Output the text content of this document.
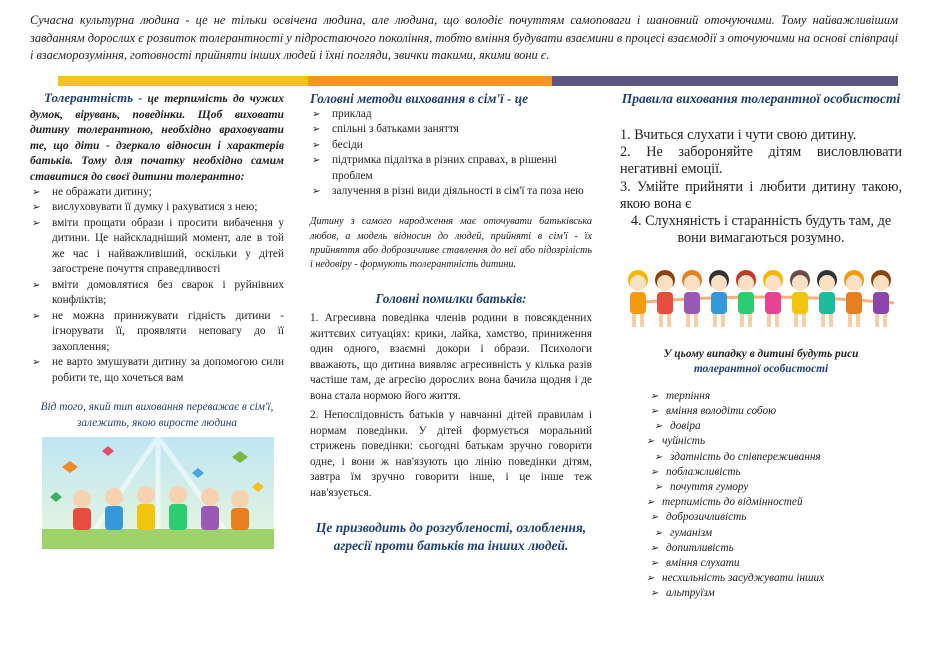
Сучасна культурна людина - це не тільки освічена людина, але людина, що володіє почуттям самоповаги і шановний оточуючими. Тому найважливішим завданням дорослих є розвиток толерантності у підростаючого покоління, тобто вміння будувати взаємини в процесі взаємодії з оточуючими на основі співпраці і взаєморозуміння, готовності прийняти інших людей і їхні погляди, звички такими, якими вони є.

Толерантність - це терпимість до чужих думок, вірувань, поведінки. Щоб виховати дитину толерантною, необхідно враховувати те, що діти - дзеркало відносин і характерів батьків. Тому для початку необхідно самим ставитися до своєї дитини толерантно:

➢ не ображати дитину;
➢ вислуховувати її думку і рахуватися з нею;
➢ вміти прощати образи і просити вибачення у дитини. Це найскладніший момент, але в той же час і найважливіший, оскільки у дітей загострене почуття справедливості
➢ вміти домовлятися без сварок і руйнівних конфліктів;
➢ не можна принижувати гідність дитини - ігнорувати її, проявляти неповагу до її захоплення;
➢ не варто змушувати дитину за допомогою сили робити те, що хочеться вам

Від того, який тип виховання переважає в сім'ї, залежить, якою виросте людина

Головні методи виховання в сім'ї - це

➢ приклад
➢ спільні з батьками заняття
➢ бесіди
➢ підтримка підлітка в різних справах, в рішенні проблем
➢ залучення в різні види діяльності в сім'ї та поза нею

Дитину з самого народження має оточувати батьківська любов, а модель відносин до людей, прийняті в сім'ї - їх прийняття або доброзичливе ставлення до неї або підозрілість і недовіру - формують толерантність дитини.

Головні помилки батьків:

1. Агресивна поведінка членів родини в повсякденних життєвих ситуаціях: крики, лайка, хамство, приниження один одного, взаємні докори і образи. Психологи вважають, що дитина виявляє агресивність у кілька разів частіше там, де агресію дорослих вона бачила щодня і де вона стала нормою його життя.

2. Непослідовність батьків у навчанні дітей правилам і нормам поведінки. У дітей формується моральний стрижень поведінки: сьогодні батькам зручно говорити одне, і вони ж нав'язують цю лінію поведінки дітям, завтра їм зручно говорити інше, і це інше теж нав'язується.

Це призводить до розгубленості, озлоблення, агресії проти батьків та інших людей.

Правила виховання толерантної особистості

1. Вчиться слухати і чути свою дитину.

2. Не забороняйте дітям висловлювати негативні емоції.

3. Умійте прийняти і любити дитину такою, якою вона є

4. Слухняність і старанність будуть там, де вони вимагаються розумно.

У цьому випадку в дитині будуть риси
толерантної особистості

➢ терпіння
➢ вміння володіти собою
➢ довіра
➢ чуйність
➢ здатність до співпереживання
➢ поблажливість
➢ почуття гумору
➢ терпимість до відмінностей
➢ доброзичливість
➢ гуманізм
➢ допитливість
➢ вміння слухати
➢ несхильність засуджувати інших
➢ альтруїзм
